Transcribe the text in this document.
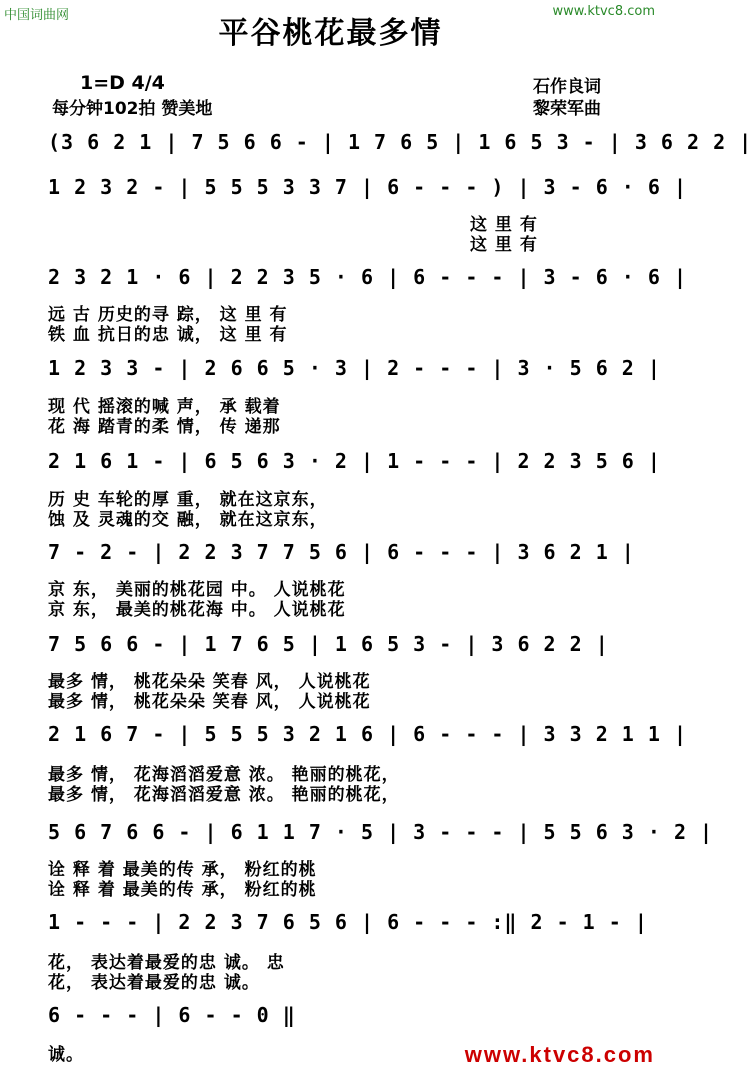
中国词曲网	www.ktvc8.com
平谷桃花最多情
1=D 4/4
每分钟102拍 赞美地
石作良词
黎荣军曲
(3 6 2 1 | 7 5 6 6 - | 1 7 6 5 | 1 6 5 3 - | 3 6 2 2 |
1 2 3 2 - | 5 5 5 3 3 7 | 6 - - - ) | 3 - 6 · 6 |
这 里 有
这 里 有
2 3 2 1 · 6 | 2 2 3 5 · 6 | 6 - - - | 3 - 6 · 6 |
远 古 历史的寻 踪， 这 里 有
铁 血 抗日的忠 诚， 这 里 有
1 2 3 3 - | 2 6 6 5 · 3 | 2 - - - | 3 · 5 6 2 |
现 代 摇滚的喊 声， 承 载着
花 海 踏青的柔 情， 传 递那
2 1 6 1 - | 6 5 6 3 · 2 | 1 - - - | 2 2 3 5 6 |
历 史 车轮的厚 重， 就在这京东，
蚀 及 灵魂的交 融， 就在这京东，
7 - 2 - | 2 2 3 7 7 5 6 | 6 - - - | 3 6 2 1 |
京 东， 美丽的桃花园 中。 人说桃花
京 东， 最美的桃花海 中。 人说桃花
7 5 6 6 - | 1 7 6 5 | 1 6 5 3 - | 3 6 2 2 |
最多 情， 桃花朵朵 笑春 风， 人说桃花
最多 情， 桃花朵朵 笑春 风， 人说桃花
2 1 6 7 - | 5 5 5 3 2 1 6 | 6 - - - | 3 3 2 1 1 |
最多 情， 花海滔滔爱意 浓。 艳丽的桃花，
最多 情， 花海滔滔爱意 浓。 艳丽的桃花，
5 6 7 6 6 - | 6 1 1 7 · 5 | 3 - - - | 5 5 6 3 · 2 |
诠 释 着 最美的传 承， 粉红的桃
诠 释 着 最美的传 承， 粉红的桃
1 - - - | 2 2 3 7 6 5 6 | 6 - - - :‖ 2 - 1 - |
花， 表达着最爱的忠 诚。 忠
花， 表达着最爱的忠 诚。
6 - - - | 6 - - 0 ‖
诚。	www.ktvc8.com
